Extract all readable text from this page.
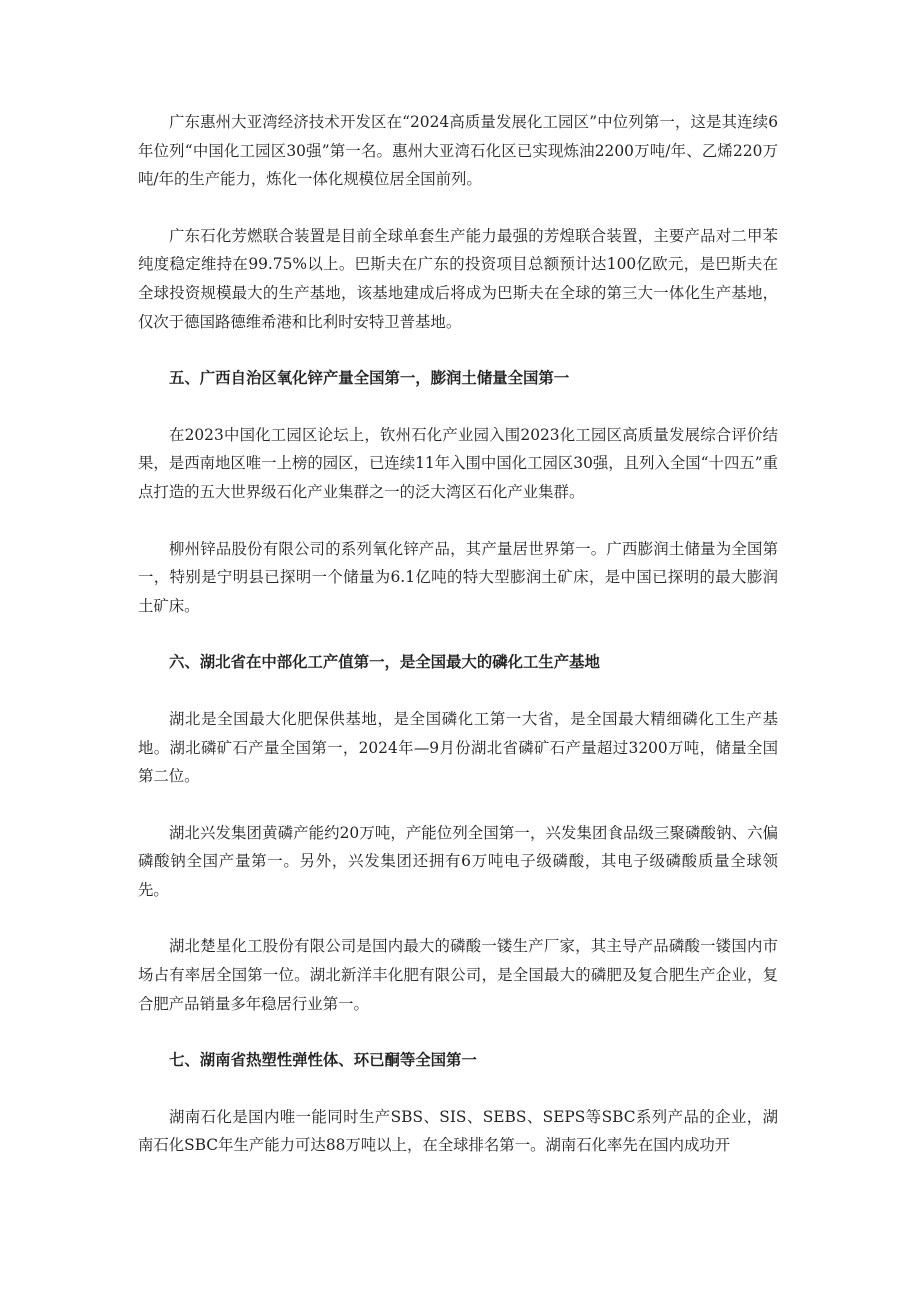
广东惠州大亚湾经济技术开发区在“2024高质量发展化工园区”中位列第一，这是其连续6年位列“中国化工园区30强”第一名。惠州大亚湾石化区已实现炼油2200万吨/年、乙烯220万吨/年的生产能力，炼化一体化规模位居全国前列。

广东石化芳燃联合装置是目前全球单套生产能力最强的芳煌联合装置，主要产品对二甲苯纯度稳定维持在99.75%以上。巴斯夫在广东的投资项目总额预计达100亿欧元，是巴斯夫在全球投资规模最大的生产基地，该基地建成后将成为巴斯夫在全球的第三大一体化生产基地，仅次于德国路德维希港和比利时安特卫普基地。

五、广西自治区氧化锌产量全国第一，膨润土储量全国第一

在2023中国化工园区论坛上，钦州石化产业园入围2023化工园区高质量发展综合评价结果，是西南地区唯一上榜的园区，已连续11年入围中国化工园区30强，且列入全国“十四五”重点打造的五大世界级石化产业集群之一的泛大湾区石化产业集群。

柳州锌品股份有限公司的系列氧化锌产品，其产量居世界第一。广西膨润土储量为全国第一，特别是宁明县已探明一个储量为6.1亿吨的特大型膨润土矿床，是中国已探明的最大膨润土矿床。

六、湖北省在中部化工产值第一，是全国最大的磷化工生产基地

湖北是全国最大化肥保供基地，是全国磷化工第一大省，是全国最大精细磷化工生产基地。湖北磷矿石产量全国第一，2024年—9月份湖北省磷矿石产量超过3200万吨，储量全国第二位。

湖北兴发集团黄磷产能约20万吨，产能位列全国第一，兴发集团食品级三聚磷酸钠、六偏磷酸钠全国产量第一。另外，兴发集团还拥有6万吨电子级磷酸，其电子级磷酸质量全球领先。

湖北楚星化工股份有限公司是国内最大的磷酸一镂生产厂家，其主导产品磷酸一镂国内市场占有率居全国第一位。湖北新洋丰化肥有限公司，是全国最大的磷肥及复合肥生产企业，复合肥产品销量多年稳居行业第一。

七、湖南省热塑性弹性体、环已酮等全国第一

湖南石化是国内唯一能同时生产SBS、SIS、SEBS、SEPS等SBC系列产品的企业，湖南石化SBC年生产能力可达88万吨以上，在全球排名第一。湖南石化率先在国内成功开
